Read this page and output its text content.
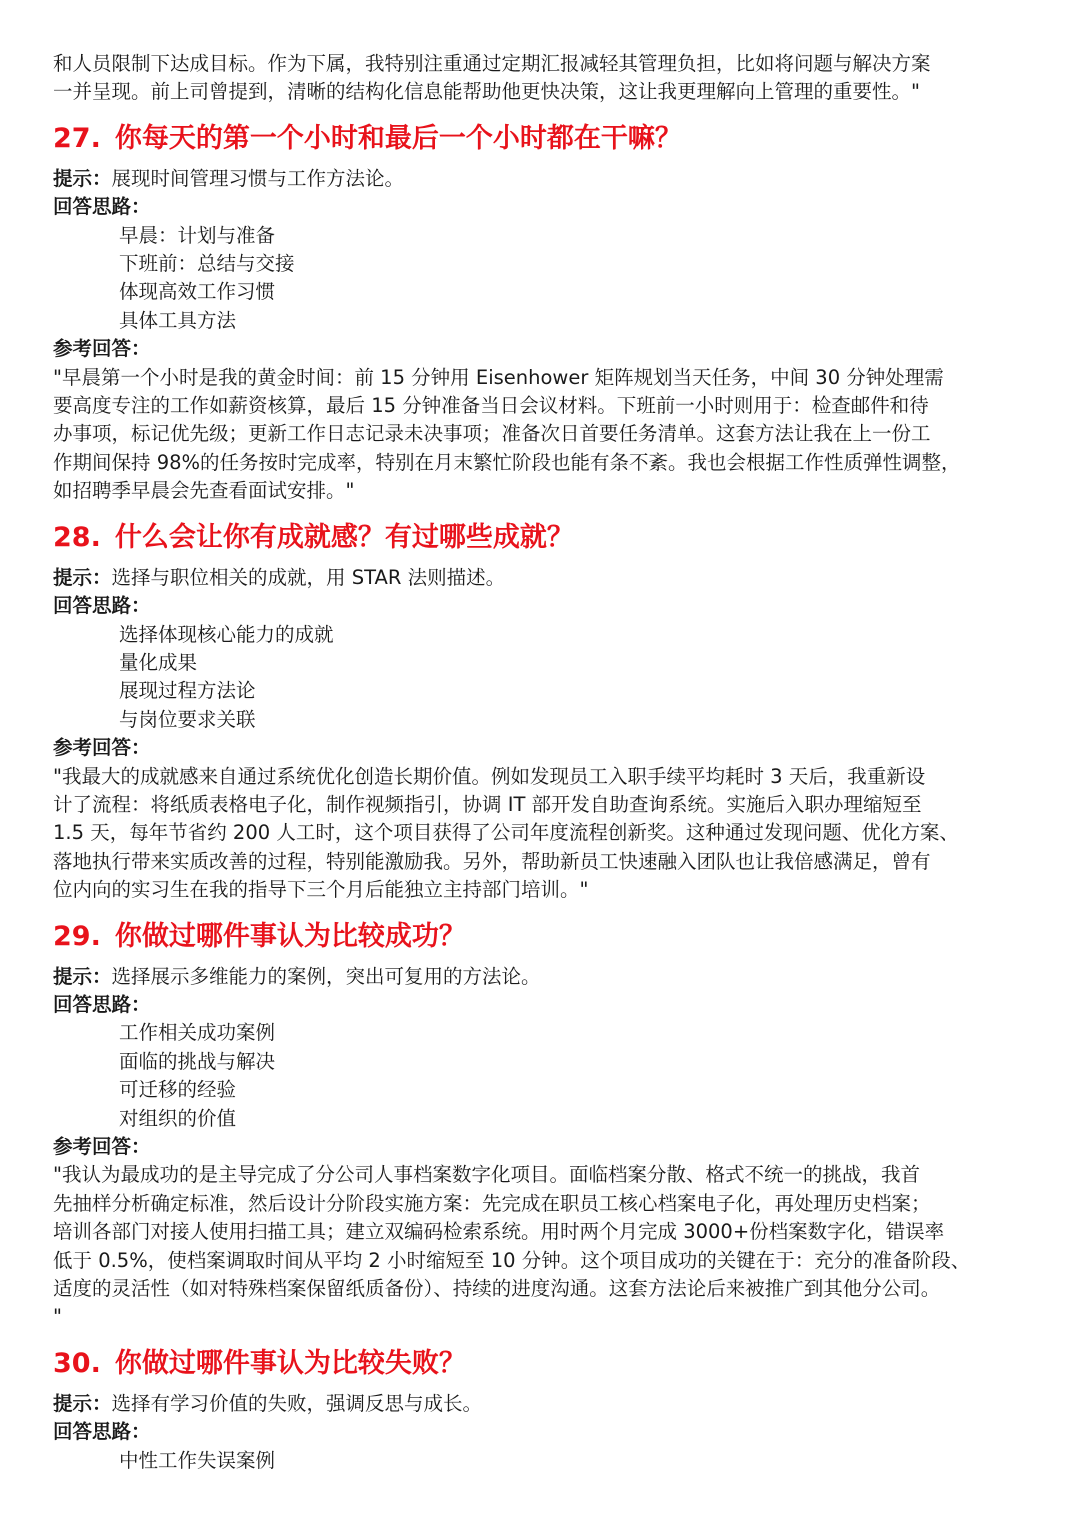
和人员限制下达成目标。作为下属，我特别注重通过定期汇报减轻其管理负担，比如将问题与解决方案
一并呈现。前上司曾提到，清晰的结构化信息能帮助他更快决策，这让我更理解向上管理的重要性。"

27. 你每天的第一个小时和最后一个小时都在干嘛？

提示：展现时间管理习惯与工作方法论。

回答思路：

早晨：计划与准备
下班前：总结与交接
体现高效工作习惯
具体工具方法

参考回答：

"早晨第一个小时是我的黄金时间：前 15 分钟用 Eisenhower 矩阵规划当天任务，中间 30 分钟处理需
要高度专注的工作如薪资核算，最后 15 分钟准备当日会议材料。下班前一小时则用于：检查邮件和待
办事项，标记优先级；更新工作日志记录未决事项；准备次日首要任务清单。这套方法让我在上一份工
作期间保持 98%的任务按时完成率，特别在月末繁忙阶段也能有条不紊。我也会根据工作性质弹性调整，
如招聘季早晨会先查看面试安排。"

28. 什么会让你有成就感？有过哪些成就？

提示：选择与职位相关的成就，用 STAR 法则描述。

回答思路：

选择体现核心能力的成就
量化成果
展现过程方法论
与岗位要求关联

参考回答：

"我最大的成就感来自通过系统优化创造长期价值。例如发现员工入职手续平均耗时 3 天后，我重新设
计了流程：将纸质表格电子化，制作视频指引，协调 IT 部开发自助查询系统。实施后入职办理缩短至
1.5 天，每年节省约 200 人工时，这个项目获得了公司年度流程创新奖。这种通过发现问题、优化方案、
落地执行带来实质改善的过程，特别能激励我。另外，帮助新员工快速融入团队也让我倍感满足，曾有
位内向的实习生在我的指导下三个月后能独立主持部门培训。"

29. 你做过哪件事认为比较成功？

提示：选择展示多维能力的案例，突出可复用的方法论。

回答思路：

工作相关成功案例
面临的挑战与解决
可迁移的经验
对组织的价值

参考回答：

"我认为最成功的是主导完成了分公司人事档案数字化项目。面临档案分散、格式不统一的挑战，我首
先抽样分析确定标准，然后设计分阶段实施方案：先完成在职员工核心档案电子化，再处理历史档案；
培训各部门对接人使用扫描工具；建立双编码检索系统。用时两个月完成 3000+份档案数字化，错误率
低于 0.5%，使档案调取时间从平均 2 小时缩短至 10 分钟。这个项目成功的关键在于：充分的准备阶段、
适度的灵活性（如对特殊档案保留纸质备份）、持续的进度沟通。这套方法论后来被推广到其他分公司。
"

30. 你做过哪件事认为比较失败？

提示：选择有学习价值的失败，强调反思与成长。

回答思路：

中性工作失误案例
